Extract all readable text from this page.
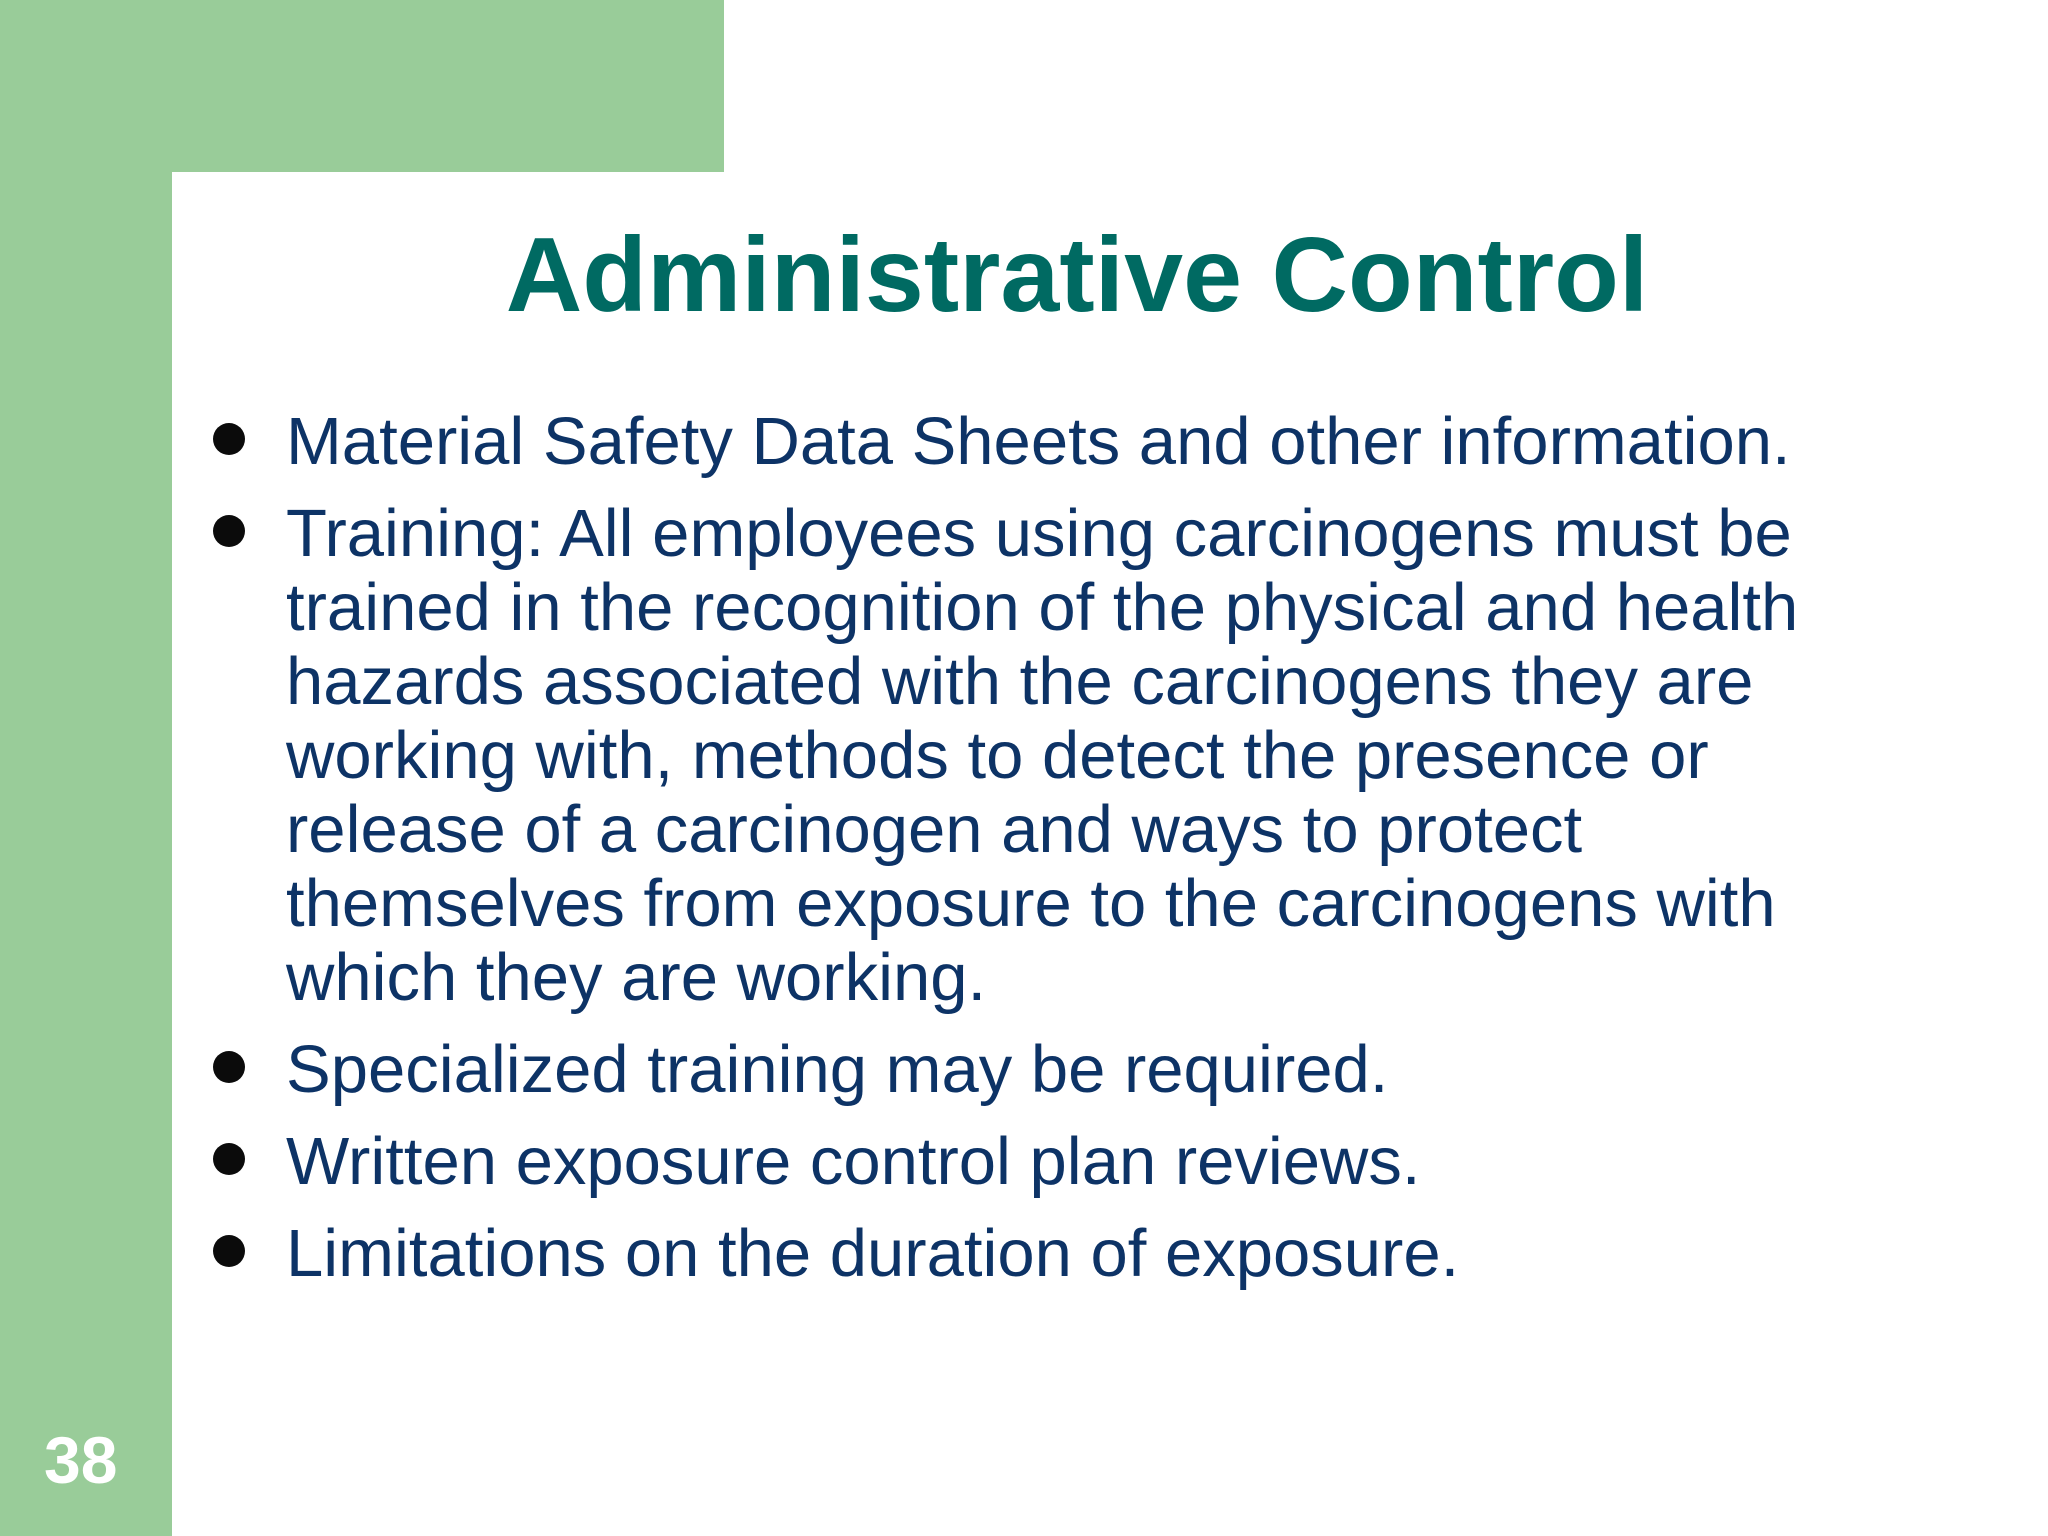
Administrative Control
Material Safety Data Sheets and other information.
Training: All employees using carcinogens must be trained in the recognition of the physical and health hazards associated with the carcinogens they are working with, methods to detect the presence or release of a carcinogen and ways to protect themselves from exposure to the carcinogens with which they are working.
Specialized training may be required.
Written exposure control plan reviews.
Limitations on the duration of exposure.
38
